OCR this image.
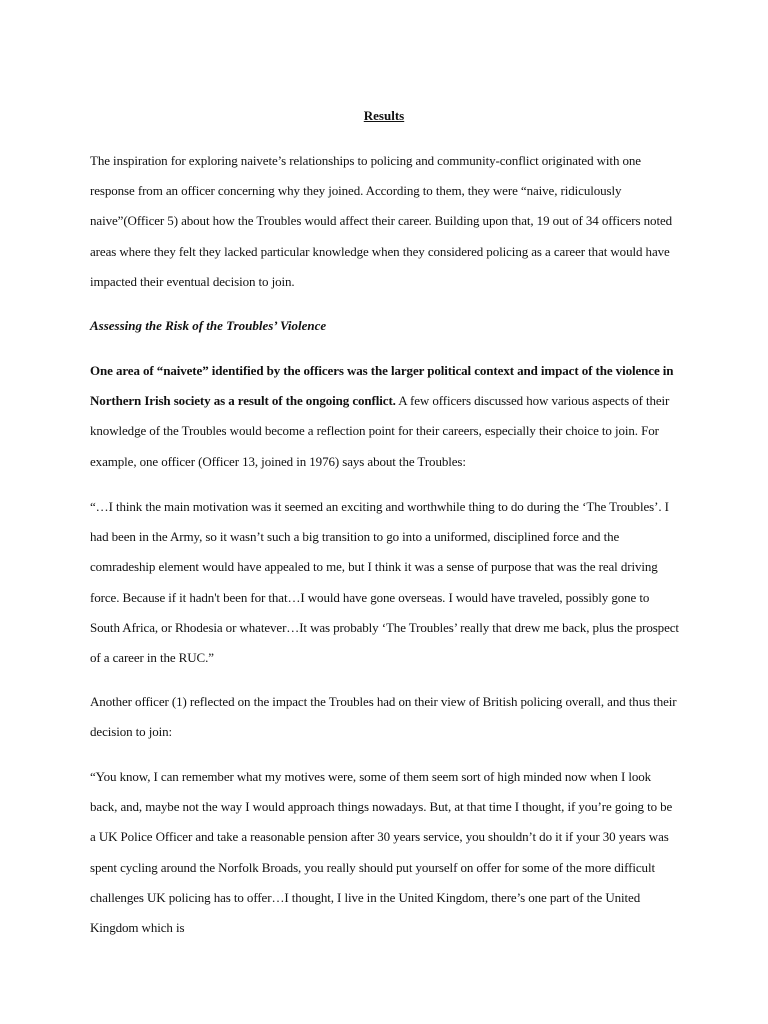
Results

The inspiration for exploring naivete’s relationships to policing and community-conflict originated with one response from an officer concerning why they joined. According to them, they were “naive, ridiculously naive”(Officer 5) about how the Troubles would affect their career. Building upon that, 19 out of 34 officers noted areas where they felt they lacked particular knowledge when they considered policing as a career that would have impacted their eventual decision to join.

Assessing the Risk of the Troubles’ Violence

One area of “naivete” identified by the officers was the larger political context and impact of the violence in Northern Irish society as a result of the ongoing conflict. A few officers discussed how various aspects of their knowledge of the Troubles would become a reflection point for their careers, especially their choice to join. For example, one officer (Officer 13, joined in 1976) says about the Troubles:

“…I think the main motivation was it seemed an exciting and worthwhile thing to do during the ‘The Troubles’. I had been in the Army, so it wasn’t such a big transition to go into a uniformed, disciplined force and the comradeship element would have appealed to me, but I think it was a sense of purpose that was the real driving force. Because if it hadn't been for that…I would have gone overseas. I would have traveled, possibly gone to South Africa, or Rhodesia or whatever…It was probably ‘The Troubles’ really that drew me back, plus the prospect of a career in the RUC.”

Another officer (1) reflected on the impact the Troubles had on their view of British policing overall, and thus their decision to join:

“You know, I can remember what my motives were, some of them seem sort of high minded now when I look back, and, maybe not the way I would approach things nowadays. But, at that time I thought, if you’re going to be a UK Police Officer and take a reasonable pension after 30 years service, you shouldn’t do it if your 30 years was spent cycling around the Norfolk Broads, you really should put yourself on offer for some of the more difficult challenges UK policing has to offer…I thought, I live in the United Kingdom, there’s one part of the United Kingdom which is
